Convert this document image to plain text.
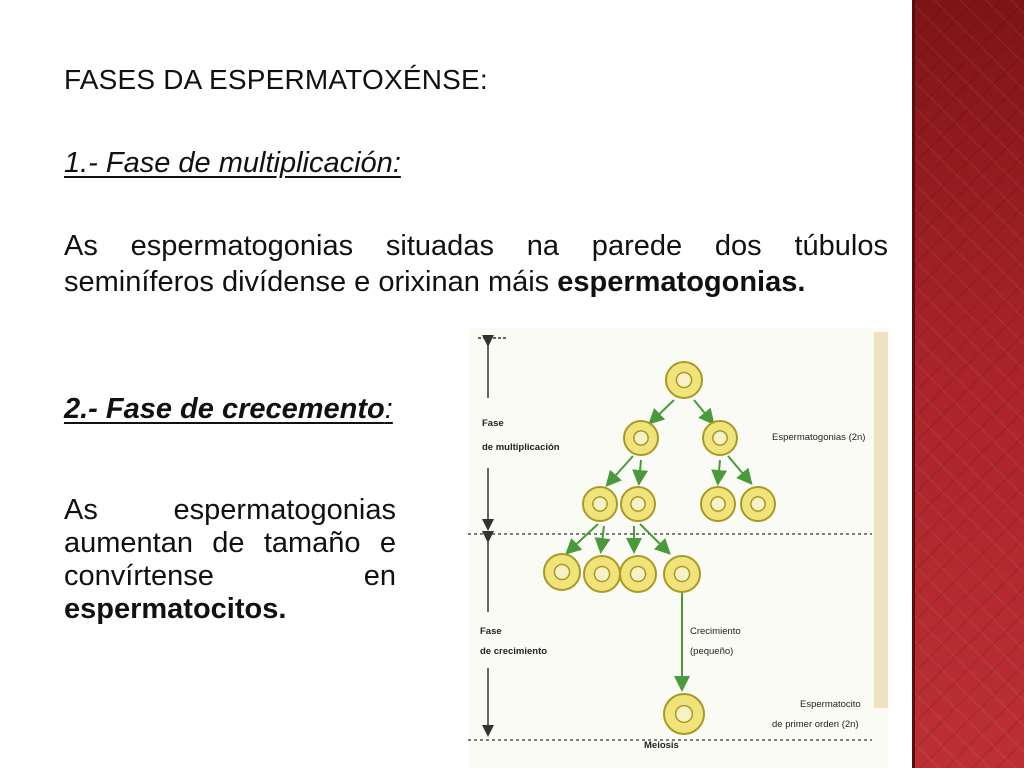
FASES DA ESPERMATOXÉNSE:

1.- Fase de multiplicación:

As espermatogonias situadas na parede dos túbulos seminíferos divídense e orixinan máis espermatogonias.

2.- Fase de crecemento:

As espermatogonias aumentan de tamaño e convírtense en espermatocitos.

Fase
de multiplicación
Fase
de crecimiento
Espermatogonias (2n)
Crecimiento
(pequeño)
Espermatocito
de primer orden (2n)
Meiosis
